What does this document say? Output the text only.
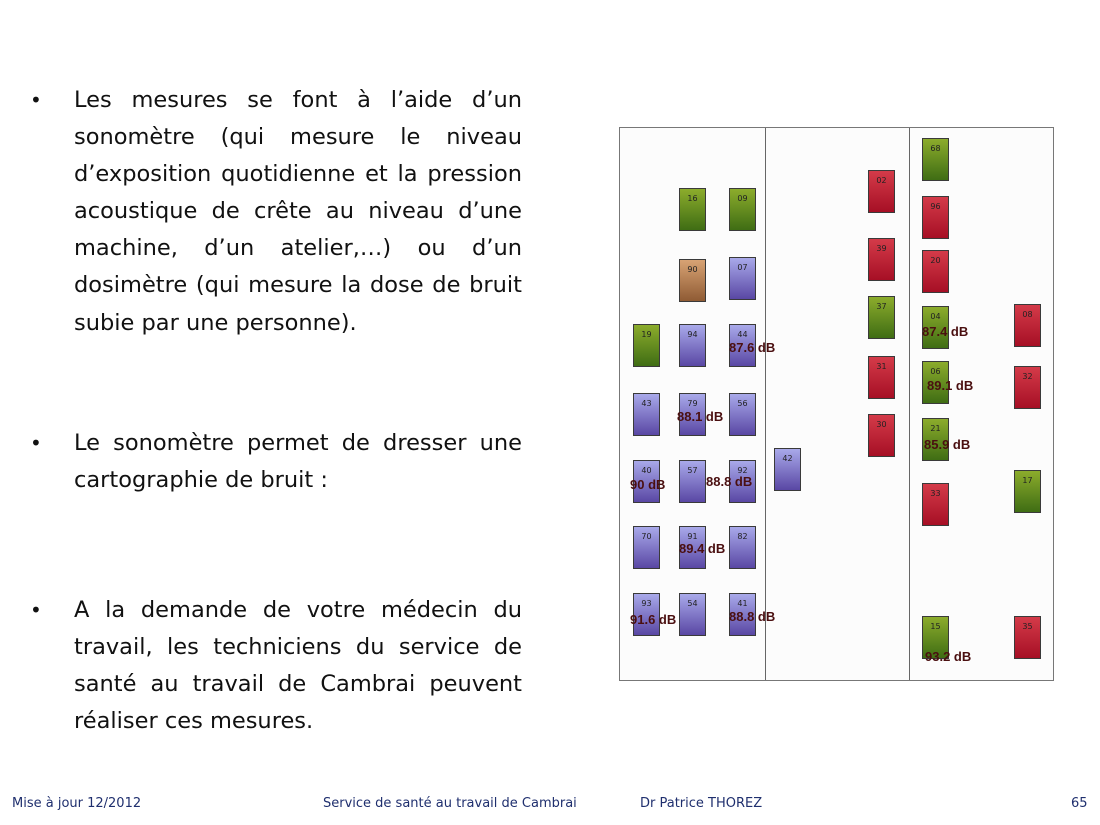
•	Les mesures se font à l’aide d’un sonomètre (qui mesure le niveau d’exposition quotidienne et la pression acoustique de crête au niveau d’une machine, d’un atelier,…) ou d’un dosimètre (qui mesure la dose de bruit subie par une personne).
•	Le sonomètre permet de dresser une cartographie de bruit :
•	A la demande de votre médecin du travail, les techniciens du service de santé au travail de Cambrai peuvent réaliser ces mesures.
16	09
90	07
19	94	44
43	79	56
40	57	92
70	91	82
93	54	41
42
02
39
37
31
30
68
96
20
04
06
21
33
15
08
32
17
35
87.6 dB
88.1 dB
90 dB	88.8 dB
89.4 dB
91.6 dB	88.8 dB
87.4 dB
89.1 dB
85.9 dB
93.2 dB
Mise à jour 12/2012	Service de santé au travail de Cambrai	Dr Patrice THOREZ	65
